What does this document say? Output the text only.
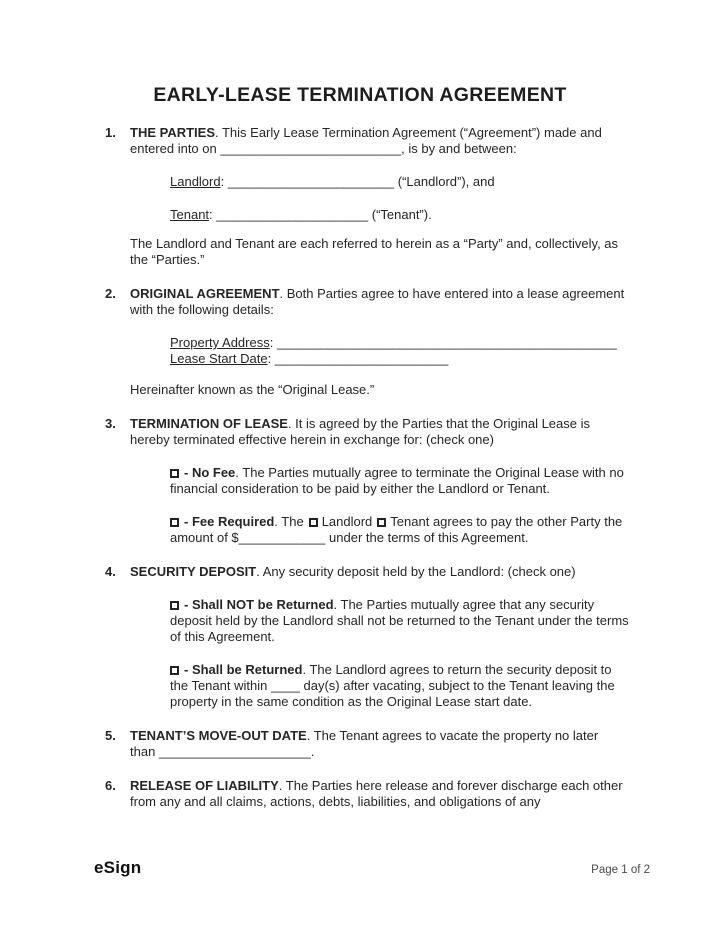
EARLY-LEASE TERMINATION AGREEMENT
1.	THE PARTIES. This Early Lease Termination Agreement (“Agreement”) made and entered into on _________________________, is by and between:

Landlord: _______________________ (“Landlord”), and

Tenant: _____________________ (“Tenant”).

The Landlord and Tenant are each referred to herein as a “Party” and, collectively, as the “Parties.”

2.	ORIGINAL AGREEMENT. Both Parties agree to have entered into a lease agreement with the following details:

Property Address: _______________________________________________
Lease Start Date: ________________________

Hereinafter known as the “Original Lease.”

3.	TERMINATION OF LEASE. It is agreed by the Parties that the Original Lease is hereby terminated effective herein in exchange for: (check one)

- No Fee. The Parties mutually agree to terminate the Original Lease with no financial consideration to be paid by either the Landlord or Tenant.

- Fee Required. The Landlord Tenant agrees to pay the other Party the amount of $____________ under the terms of this Agreement.

4.	SECURITY DEPOSIT. Any security deposit held by the Landlord: (check one)

- Shall NOT be Returned. The Parties mutually agree that any security deposit held by the Landlord shall not be returned to the Tenant under the terms of this Agreement.

- Shall be Returned. The Landlord agrees to return the security deposit to the Tenant within ____ day(s) after vacating, subject to the Tenant leaving the property in the same condition as the Original Lease start date.

5.	TENANT’S MOVE-OUT DATE. The Tenant agrees to vacate the property no later than _____________________.

6.	RELEASE OF LIABILITY. The Parties here release and forever discharge each other from any and all claims, actions, debts, liabilities, and obligations of any

eSign	Page 1 of 2
